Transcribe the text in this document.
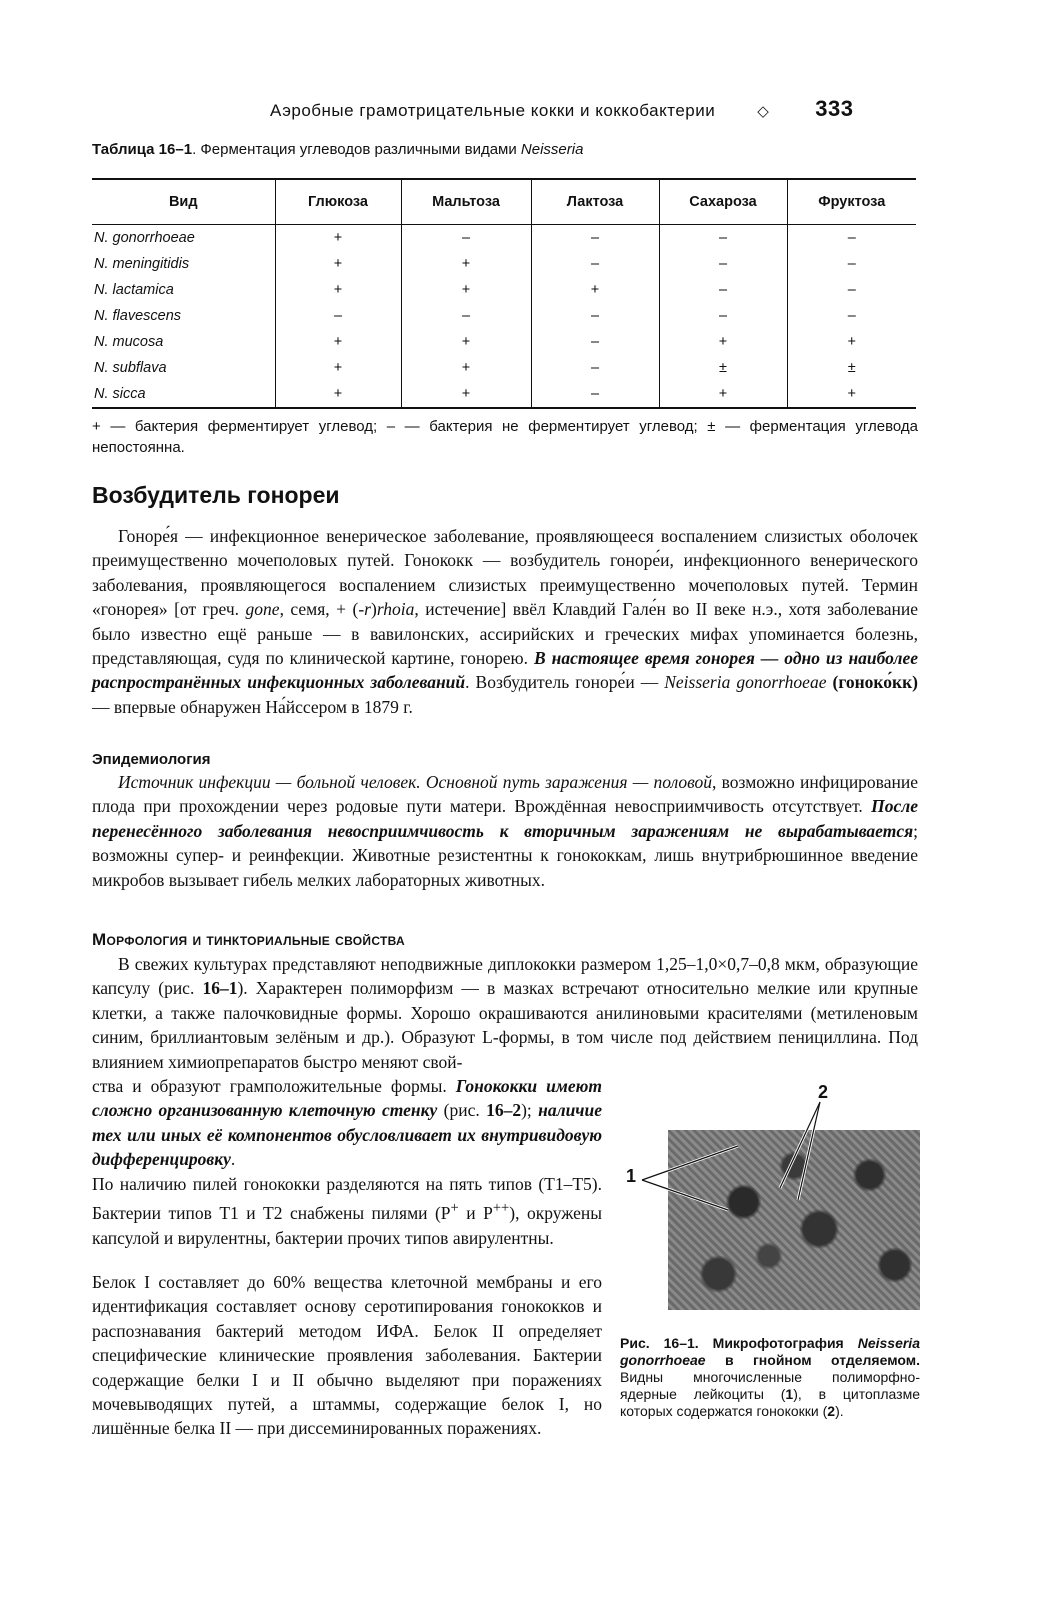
Аэробные грамотрицательные кокки и коккобактерии	◇ 333
Таблица 16–1. Ферментация углеводов различными видами Neisseria
Вид	Глюкоза	Мальтоза	Лактоза	Сахароза	Фруктоза
N. gonorrhoeae	+	–	–	–	–
N. meningitidis	+	+	–	–	–
N. lactamica	+	+	+	–	–
N. flavescens	–	–	–	–	–
N. mucosa	+	+	–	+	+
N. subflava	+	+	–	±	±
N. sicca	+	+	–	+	+
+ — бактерия ферментирует углевод; – — бактерия не ферментирует углевод; ± — ферментация углевода непостоянна.
Возбудитель гонореи
Гоноре́я — инфекционное венерическое заболевание, проявляющееся воспалением слизистых оболочек преимущественно мочеполовых путей. Гонококк — возбудитель гоноре́и, инфекционного венерического заболевания, проявляющегося воспалением слизистых преимущественно мочеполовых путей. Термин «гонорея» [от греч. gone, семя, + (-r)rhoia, истечение] ввёл Клавдий Гале́н во II веке н.э., хотя заболевание было известно ещё раньше — в вавилонских, ассирийских и греческих мифах упоминается болезнь, представляющая, судя по клинической картине, гонорею. В настоящее время гонорея — одно из наиболее распространённых инфекционных заболеваний. Возбудитель гоноре́и — Neisseria gonorrhoeae (гоноко́кк) — впервые обнаружен На́йссером в 1879 г.
Эпидемиология
Источник инфекции — больной человек. Основной путь заражения — половой, возможно инфицирование плода при прохождении через родовые пути матери. Врождённая невосприимчивость отсутствует. После перенесённого заболевания невосприимчивость к вторичным заражениям не вырабатывается; возможны супер- и реинфекции. Животные резистентны к гонококкам, лишь внутрибрюшинное введение микробов вызывает гибель мелких лабораторных животных.
Морфология и тинкториальные свойства
В свежих культурах представляют неподвижные диплококки размером 1,25–1,0×0,7–0,8 мкм, образующие капсулу (рис. 16–1). Характерен полиморфизм — в мазках встречают относительно мелкие или крупные клетки, а также палочковидные формы. Хорошо окрашиваются анилиновыми красителями (метиленовым синим, бриллиантовым зелёным и др.). Образуют L-формы, в том числе под действием пенициллина. Под влиянием химиопрепаратов быстро меняют свой-
ства и образуют грамположительные формы. Гонококки имеют сложно организованную клеточную стенку (рис. 16–2); наличие тех или иных её компонентов обусловливает их внутривидовую дифференцировку.
По наличию пилей гонококки разделяются на пять типов (T1–T5). Бактерии типов T1 и T2 снабжены пилями (P+ и P++), окружены капсулой и вирулентны, бактерии прочих типов авирулентны.
Белок I составляет до 60% вещества клеточной мембраны и его идентификация составляет основу серотипирования гонококков и распознавания бактерий методом ИФА. Белок II определяет специфические клинические проявления заболевания. Бактерии содержащие белки I и II обычно выделяют при поражениях мочевыводящих путей, а штаммы, содержащие белок I, но лишённые белка II — при диссеминированных поражениях.
1
2
Рис. 16–1. Микрофотография Neisseria gonorrhoeae в гнойном отделяемом. Видны многочисленные полиморфно-ядерные лейкоциты (1), в цитоплазме которых содержатся гонококки (2).
